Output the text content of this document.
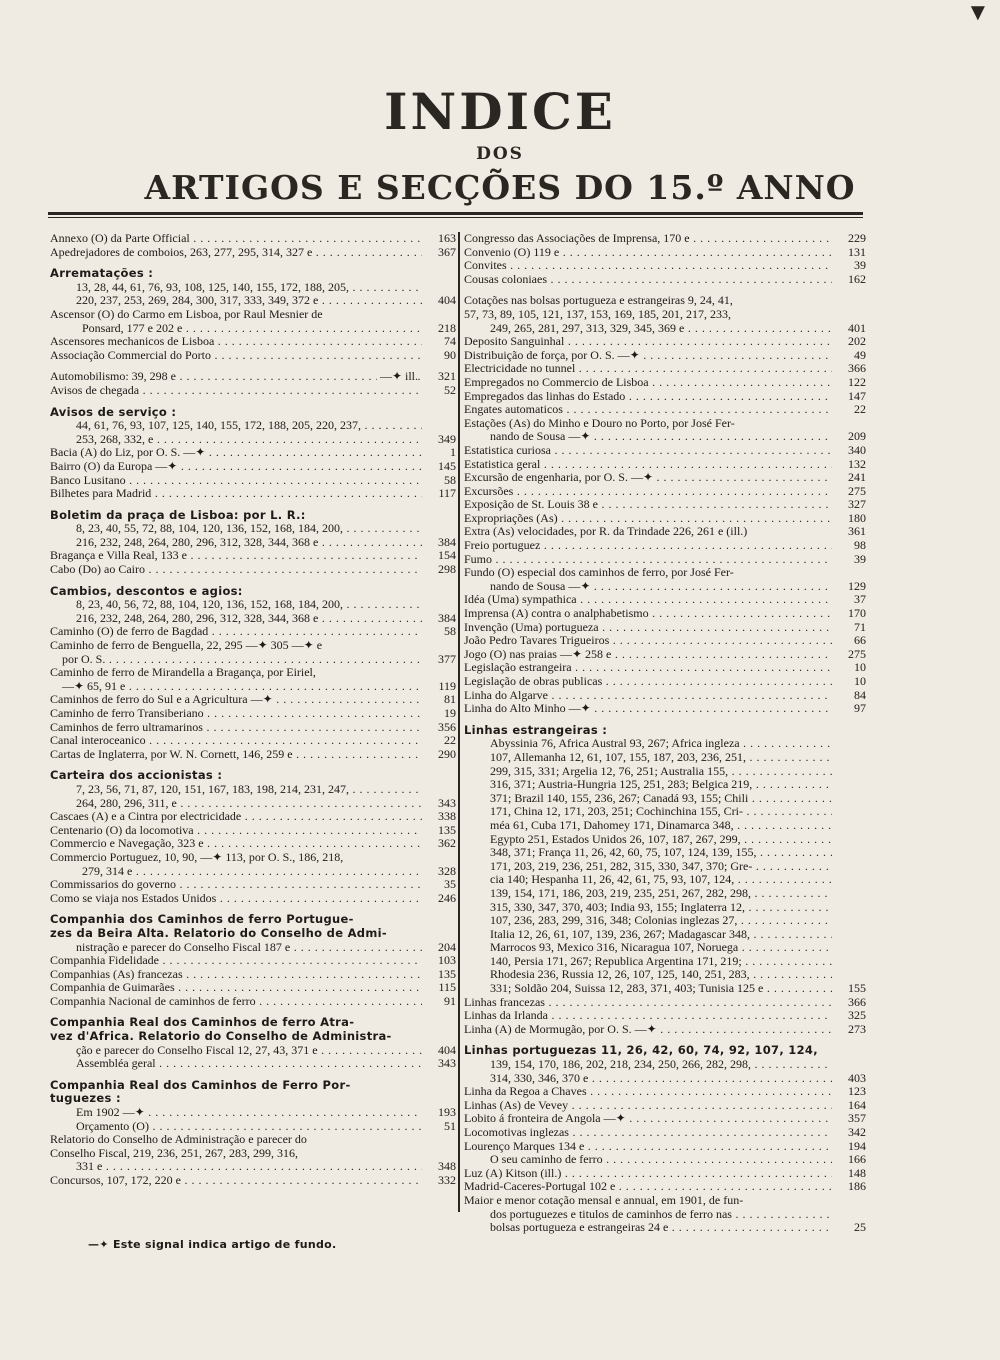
▼
INDICE
DOS
ARTIGOS E SECÇÕES DO 15.º ANNO
Annexo (O) da Parte Official . . .	163
Apedrejadores de comboios, 263, 277, 295, 314, 327 e . . .	367
Arrematações :
13, 28, 44, 61, 76, 93, 108, 125, 140, 155, 172, 188, 205, . . .
220, 237, 253, 269, 284, 300, 317, 333, 349, 372 e . . .	404
Ascensor (O) do Carmo em Lisboa, por Raul Mesnier de
Ponsard, 177 e 202 e . . .	218
Ascensores mechanicos de Lisboa . . .	74
Associação Commercial do Porto . . .	90
Automobilismo: 39, 298 e . . .	—✦ ill.	321
Avisos de chegada . . .	52
Avisos de serviço :
44, 61, 76, 93, 107, 125, 140, 155, 172, 188, 205, 220, 237, . . .
253, 268, 332, e . . .	349
Bacia (A) do Liz, por O. S. —✦ . . .	1
Bairro (O) da Europa —✦ . . .	145
Banco Lusitano . . .	58
Bilhetes para Madrid . . .	117
Boletim da praça de Lisboa: por L. R.:
8, 23, 40, 55, 72, 88, 104, 120, 136, 152, 168, 184, 200, . . .
216, 232, 248, 264, 280, 296, 312, 328, 344, 368 e . . .	384
Bragança e Villa Real, 133 e . . .	154
Cabo (Do) ao Cairo . . .	298
Cambios, descontos e agios:
8, 23, 40, 56, 72, 88, 104, 120, 136, 152, 168, 184, 200, . . .
216, 232, 248, 264, 280, 296, 312, 328, 344, 368 e . . .	384
Caminho (O) de ferro de Bagdad . . .	58
Caminho de ferro de Benguella, 22, 295 —✦ 305 —✦ e
por O. S. . . .	377
Caminho de ferro de Mirandella a Bragança, por Eiriel,
—✦ 65, 91 e . . .	119
Caminhos de ferro do Sul e a Agricultura —✦ . . .	81
Caminho de ferro Transiberiano . . .	19
Caminhos de ferro ultramarinos . . .	356
Canal interoceanico . . .	22
Cartas de Inglaterra, por W. N. Cornett, 146, 259 e . . .	290
Carteira dos accionistas :
7, 23, 56, 71, 87, 120, 151, 167, 183, 198, 214, 231, 247, . . .
264, 280, 296, 311, e . . .	343
Cascaes (A) e a Cintra por electricidade . . .	338
Centenario (O) da locomotiva . . .	135
Commercio e Navegação, 323 e . . .	362
Commercio Portuguez, 10, 90, —✦ 113, por O. S., 186, 218,
279, 314 e . . .	328
Commissarios do governo . . .	35
Como se viaja nos Estados Unidos . . .	246
Companhia dos Caminhos de ferro Portugue-
zes da Beira Alta. Relatorio do Conselho de Admi-
nistração e parecer do Conselho Fiscal 187 e . . .	204
Companhia Fidelidade . . .	103
Companhias (As) francezas . . .	135
Companhia de Guimarães . . .	115
Companhia Nacional de caminhos de ferro . . .	91
Companhia Real dos Caminhos de ferro Atra-
vez d'Africa. Relatorio do Conselho de Administra-
ção e parecer do Conselho Fiscal 12, 27, 43, 371 e . . .	404
Assembléa geral . . .	343
Companhia Real dos Caminhos de Ferro Por-
tuguezes :
Em 1902 —✦ . . .	193
Orçamento (O) . . .	51
Relatorio do Conselho de Administração e parecer do
Conselho Fiscal, 219, 236, 251, 267, 283, 299, 316,
331 e . . .	348
Concursos, 107, 172, 220 e . . .	332
Congresso das Associações de Imprensa, 170 e . . .	229
Convenio (O) 119 e . . .	131
Convites . . .	39
Cousas coloniaes . . .	162
Cotações nas bolsas portugueza e estrangeiras 9, 24, 41,
57, 73, 89, 105, 121, 137, 153, 169, 185, 201, 217, 233,
249, 265, 281, 297, 313, 329, 345, 369 e . . .	401
Deposito Sanguinhal . . .	202
Distribuição de força, por O. S. —✦ . . .	49
Electricidade no tunnel . . .	366
Empregados no Commercio de Lisboa . . .	122
Empregados das linhas do Estado . . .	147
Engates automaticos . . .	22
Estações (As) do Minho e Douro no Porto, por José Fer-
nando de Sousa —✦ . . .	209
Estatistica curiosa . . .	340
Estatistica geral . . .	132
Excursão de engenharia, por O. S. —✦ . . .	241
Excursões . . .	275
Exposição de St. Louis 38 e . . .	327
Expropriações (As) . . .	180
Extra (As) velocidades, por R. da Trindade 226, 261 e (ill.)	361
Freio portuguez . . .	98
Fumo . . .	39
Fundo (O) especial dos caminhos de ferro, por José Fer-
nando de Sousa —✦ . . .	129
Idéa (Uma) sympathica . . .	37
Imprensa (A) contra o analphabetismo . . .	170
Invenção (Uma) portugueza . . .	71
João Pedro Tavares Trigueiros . . .	66
Jogo (O) nas praias —✦ 258 e . . .	275
Legislação estrangeira . . .	10
Legislação de obras publicas . . .	10
Linha do Algarve . . .	84
Linha do Alto Minho —✦ . . .	97
Linhas estrangeiras :
Abyssinia 76, Africa Austral 93, 267; Africa ingleza . . .
107, Allemanha 12, 61, 107, 155, 187, 203, 236, 251, . . .
299, 315, 331; Argelia 12, 76, 251; Australia 155, . . .
316, 371; Austria-Hungria 125, 251, 283; Belgica 219, . . .
371; Brazil 140, 155, 236, 267; Canadá 93, 155; Chili . . .
171, China 12, 171, 203, 251; Cochinchina 155, Cri- . . .
méa 61, Cuba 171, Dahomey 171, Dinamarca 348, . . .
Egypto 251, Estados Unidos 26, 107, 187, 267, 299, . . .
348, 371; França 11, 26, 42, 60, 75, 107, 124, 139, 155, . . .
171, 203, 219, 236, 251, 282, 315, 330, 347, 370; Gre- . . .
cia 140; Hespanha 11, 26, 42, 61, 75, 93, 107, 124, . . .
139, 154, 171, 186, 203, 219, 235, 251, 267, 282, 298, . . .
315, 330, 347, 370, 403; India 93, 155; Inglaterra 12, . . .
107, 236, 283, 299, 316, 348; Colonias inglezas 27, . . .
Italia 12, 26, 61, 107, 139, 236, 267; Madagascar 348, . . .
Marrocos 93, Mexico 316, Nicaragua 107, Noruega . . .
140, Persia 171, 267; Republica Argentina 171, 219; . . .
Rhodesia 236, Russia 12, 26, 107, 125, 140, 251, 283, . . .
331; Soldão 204, Suissa 12, 283, 371, 403; Tunisia 125 e . . .	155
Linhas francezas . . .	366
Linhas da Irlanda . . .	325
Linha (A) de Mormugão, por O. S. —✦ . . .	273
Linhas portuguezas 11, 26, 42, 60, 74, 92, 107, 124,
139, 154, 170, 186, 202, 218, 234, 250, 266, 282, 298, . . .
314, 330, 346, 370 e . . .	403
Linha da Regoa a Chaves . . .	123
Linhas (As) de Vevey . . .	164
Lobito á fronteira de Angola —✦ . . .	357
Locomotivas inglezas . . .	342
Lourenço Marques 134 e . . .	194
O seu caminho de ferro . . .	166
Luz (A) Kitson (ill.) . . .	148
Madrid-Caceres-Portugal 102 e . . .	186
Maior e menor cotação mensal e annual, em 1901, de fun-
dos portuguezes e titulos de caminhos de ferro nas . . .
bolsas portugueza e estrangeiras 24 e . . .	25
—✦ Este signal indica artigo de fundo.
